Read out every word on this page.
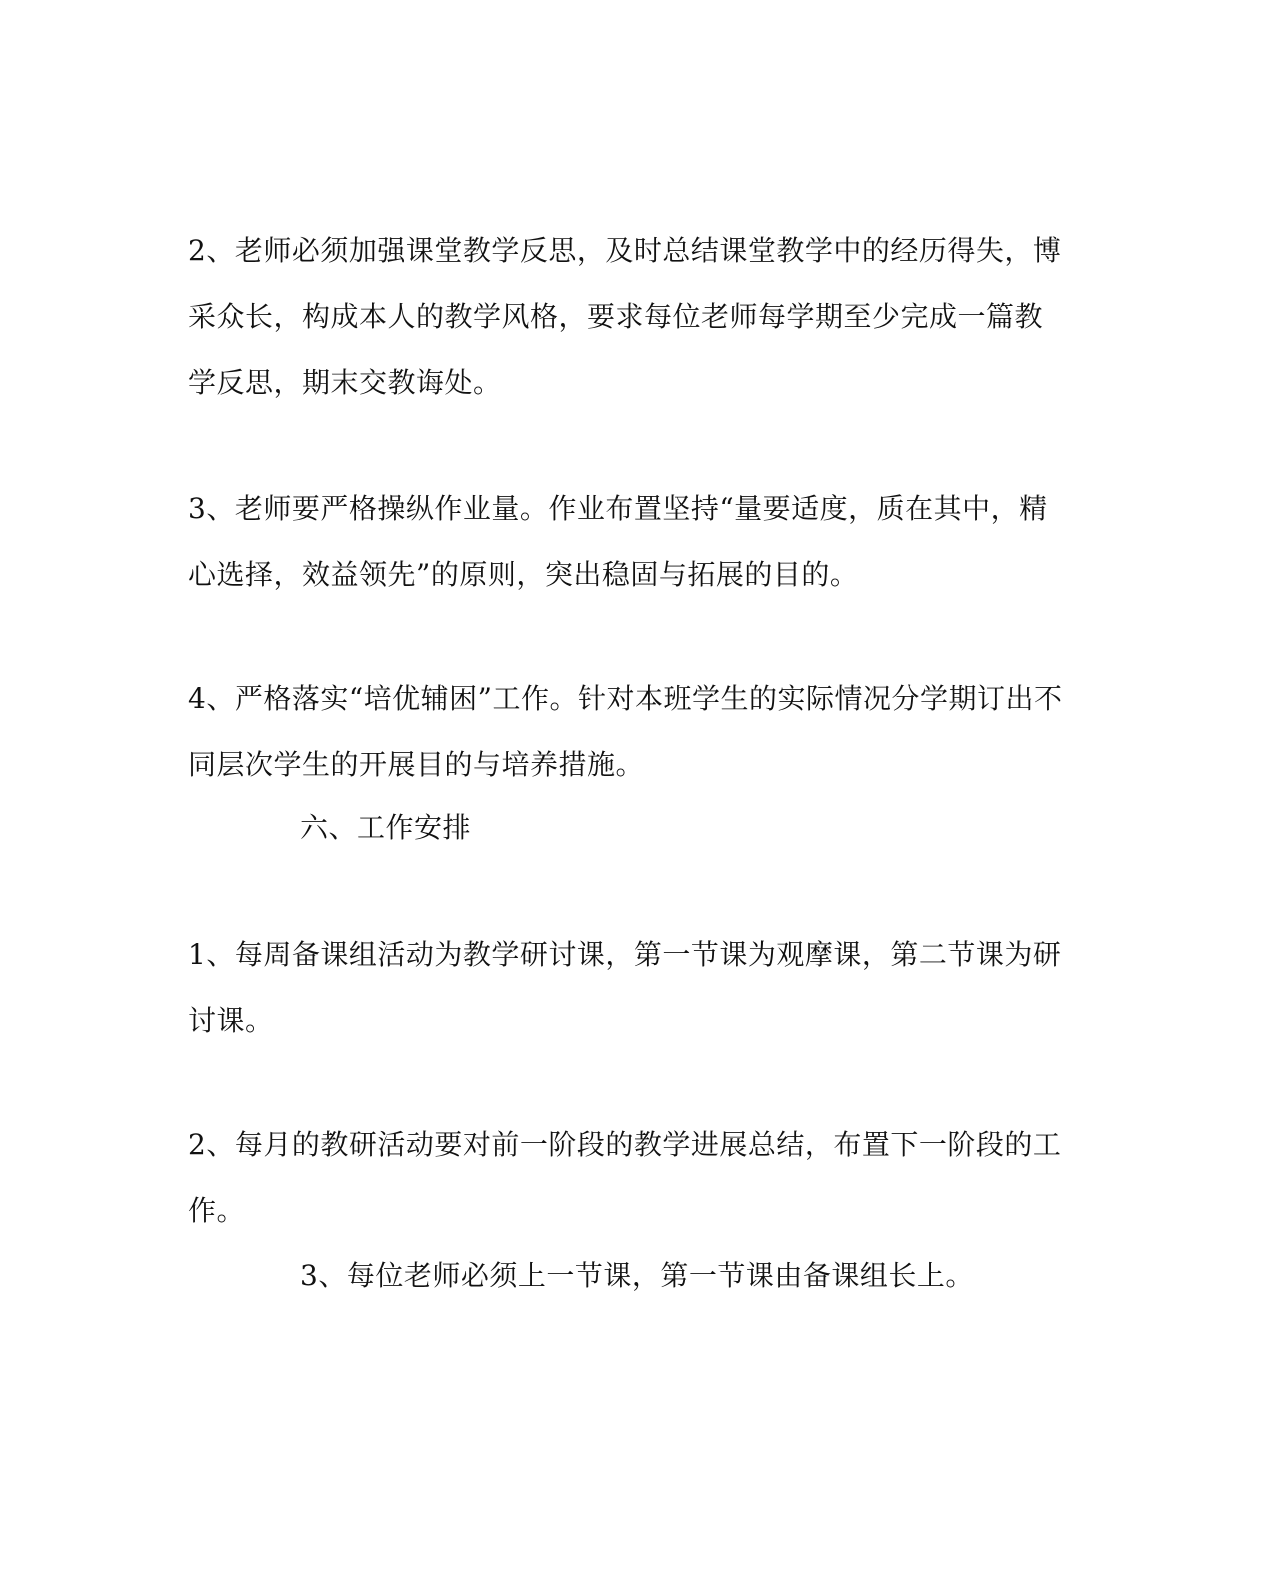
2、老师必须加强课堂教学反思，及时总结课堂教学中的经历得失，博采众长，构成本人的教学风格，要求每位老师每学期至少完成一篇教学反思，期末交教诲处。

3、老师要严格操纵作业量。作业布置坚持“量要适度，质在其中，精心选择，效益领先”的原则，突出稳固与拓展的目的。

4、严格落实“培优辅困”工作。针对本班学生的实际情况分学期订出不同层次学生的开展目的与培养措施。

六、工作安排

1、每周备课组活动为教学研讨课，第一节课为观摩课，第二节课为研讨课。

2、每月的教研活动要对前一阶段的教学进展总结，布置下一阶段的工作。

3、每位老师必须上一节课，第一节课由备课组长上。
